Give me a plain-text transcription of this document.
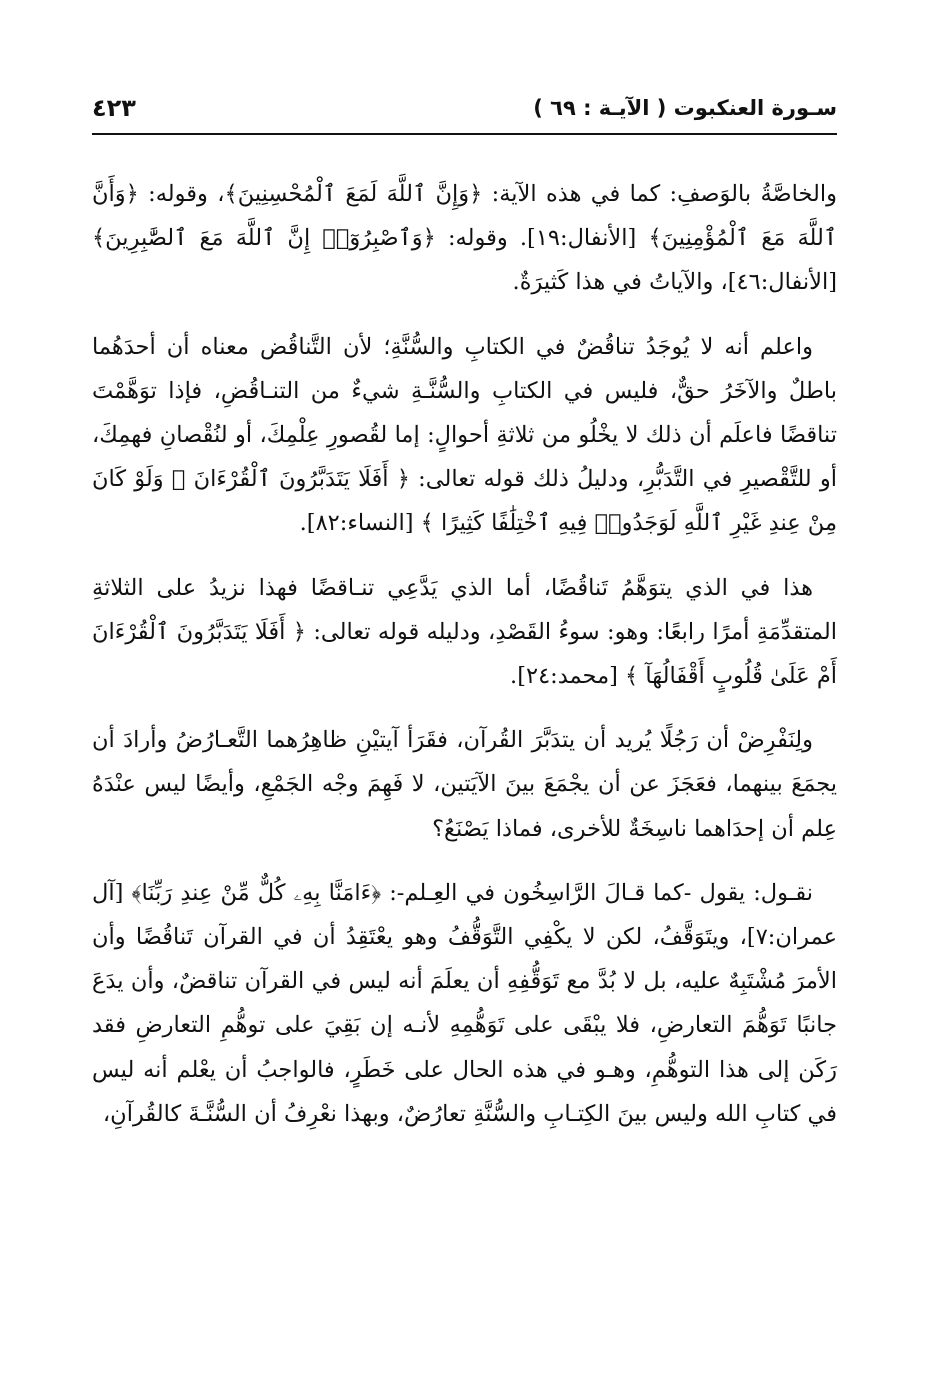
سـورة العنكبوت ( الآيـة : ٦٩ )
٤٢٣

والخاصَّةُ بالوَصفِ: كما في هذه الآية: ﴿وَإِنَّ ٱللَّهَ لَمَعَ ٱلْمُحْسِنِينَ﴾، وقوله: ﴿وَأَنَّ ٱللَّهَ مَعَ ٱلْمُؤْمِنِينَ﴾ [الأنفال:١٩]. وقوله: ﴿وَٱصْبِرُوٓا۟ إِنَّ ٱللَّهَ مَعَ ٱلصَّٰبِرِينَ﴾ [الأنفال:٤٦]، والآياتُ في هذا كَثيرَةٌ.

واعلم أنه لا يُوجَدُ تناقُضٌ في الكتابِ والسُّنَّةِ؛ لأن التَّناقُض معناه أن أحدَهُما باطلٌ والآخَرُ حقٌّ، فليس في الكتابِ والسُّنَّـةِ شيءٌ من التنـاقُضِ، فإذا توَهَّمْتَ تناقضًا فاعلَم أن ذلك لا يخْلُو من ثلاثةِ أحوالٍ: إما لقُصورِ عِلْمِكَ، أو لنُقْصانِ فهمِكَ، أو للتَّقْصيرِ في التَّدَبُّرِ، ودليلُ ذلك قوله تعالى: ﴿ أَفَلَا يَتَدَبَّرُونَ ٱلْقُرْءَانَ ۚ وَلَوْ كَانَ مِنْ عِندِ غَيْرِ ٱللَّهِ لَوَجَدُوا۟ فِيهِ ٱخْتِلَٰفًا كَثِيرًا ﴾ [النساء:٨٢].

هذا في الذي يتوَهَّمُ تَناقُضًا، أما الذي يَدَّعِي تنـاقضًا فهذا نزيدُ على الثلاثةِ المتقدِّمَةِ أمرًا رابعًا: وهو: سوءُ القَصْدِ، ودليله قوله تعالى: ﴿ أَفَلَا يَتَدَبَّرُونَ ٱلْقُرْءَانَ أَمْ عَلَىٰ قُلُوبٍ أَقْفَالُهَآ ﴾ [محمد:٢٤].

ولِنَفْرِضْ أن رَجُلًا يُريد أن يتدَبَّرَ القُرآن، فقَرَأ آيتيْنِ ظاهِرُهما التَّعـارُضُ وأرادَ أن يجمَعَ بينهما، فعَجَزَ عن أن يجْمَعَ بينَ الآيَتين، لا فَهِمَ وجْه الجَمْعِ، وأيضًا ليس عنْدَهُ عِلم أن إحدَاهما ناسِخَةٌ للأخرى، فماذا يَصْنَعُ؟

نقـول: يقول -كما قـالَ الرَّاسِخُون في العِـلم-: ﴿ءَامَنَّا بِهِۦ كُلٌّ مِّنْ عِندِ رَبِّنَا﴾ [آل عمران:٧]، ويتَوَقَّفُ، لكن لا يكْفِي التَّوَقُّفُ وهو يعْتَقِدُ أن في القرآن تَناقُضًا وأن الأمرَ مُشْتَبِهٌ عليه، بل لا بُدَّ مع تَوَقُّفِهِ أن يعلَمَ أنه ليس في القرآن تناقضٌ، وأن يدَعَ جانبًا تَوَهُّمَ التعارضِ، فلا يبْقَى على تَوَهُّمِهِ لأنـه إن بَقِيَ على توهُّمِ التعارضِ فقد رَكَن إلى هذا التوهُّمِ، وهـو في هذه الحال على خَطَرٍ، فالواجبُ أن يعْلم أنه ليس في كتابِ الله وليس بينَ الكِتـابِ والسُّنَّةِ تعارُضٌ، وبهذا نعْرِفُ أن السُّنَّـةَ كالقُرآنِ،
